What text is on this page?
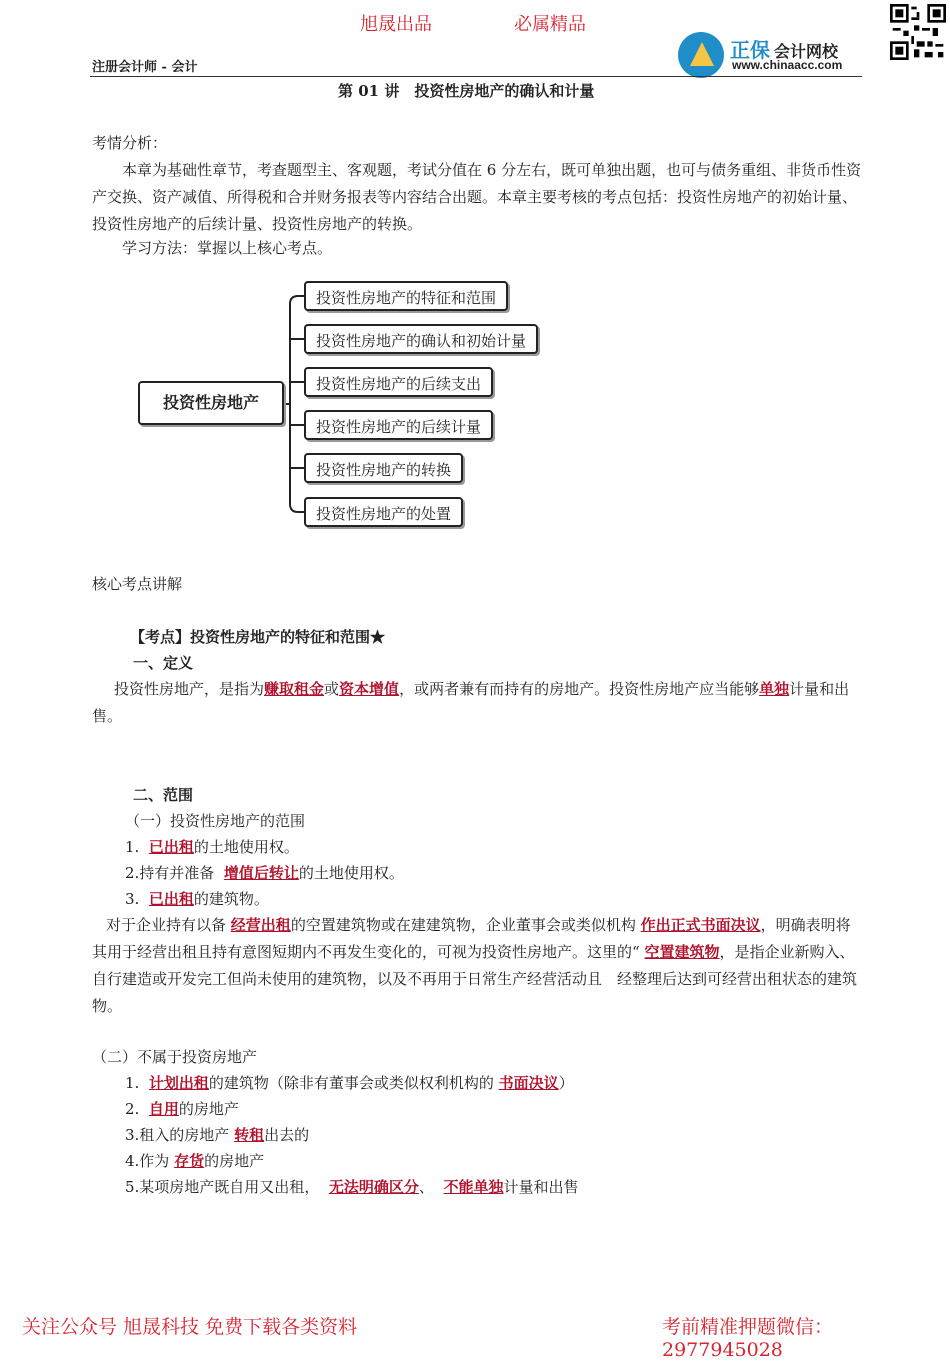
旭晟出品	必属精品
正保 会计网校
www.chinaacc.com
注册会计师 - 会计
第 01 讲　投资性房地产的确认和计量
考情分析：
　　本章为基础性章节，考查题型主、客观题，考试分值在 6 分左右，既可单独出题，也可与债务重组、非货币性资产交换、资产减值、所得税和合并财务报表等内容结合出题。本章主要考核的考点包括：投资性房地产的初始计量、投资性房地产的后续计量、投资性房地产的转换。
　　学习方法：掌握以上核心考点。
投资性房地产
投资性房地产的特征和范围
投资性房地产的确认和初始计量
投资性房地产的后续支出
投资性房地产的后续计量
投资性房地产的转换
投资性房地产的处置
核心考点讲解
【考点】投资性房地产的特征和范围★
一、定义
投资性房地产，是指为赚取租金或资本增值，或两者兼有而持有的房地产。投资性房地产应当能够单独计量和出售。
二、范围
（一）投资性房地产的范围
1. 已出租的土地使用权。
2.持有并准备 增值后转让的土地使用权。
3. 已出租的建筑物。
对于企业持有以备 经营出租的空置建筑物或在建建筑物，企业董事会或类似机构 作出正式书面决议，明确表明将其用于经营出租且持有意图短期内不再发生变化的，可视为投资性房地产。这里的“ 空置建筑物，是指企业新购入、自行建造或开发完工但尚未使用的建筑物，以及不再用于日常生产经营活动且　经整理后达到可经营出租状态的建筑物。
（二）不属于投资房地产
1. 计划出租的建筑物（除非有董事会或类似权利机构的 书面决议）
2. 自用的房地产
3.租入的房地产 转租出去的
4.作为 存货的房地产
5.某项房地产既自用又出租， 无法明确区分、 不能单独计量和出售
关注公众号 旭晟科技 免费下载各类资料	考前精准押题微信：2977945028
